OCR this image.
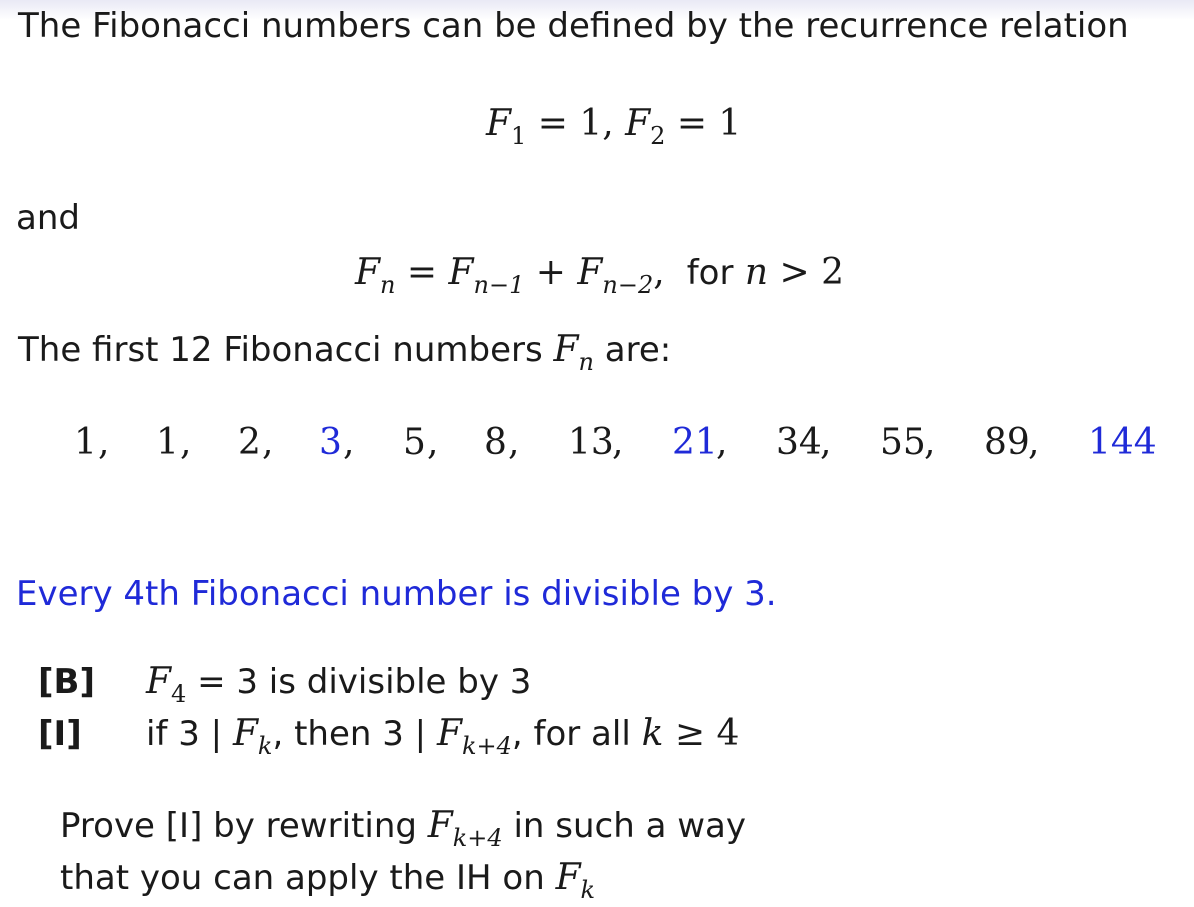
The Fibonacci numbers can be defined by the recurrence relation
$F_1 = 1$, $F_2 = 1$
and
$F_n = F_{n-1} + F_{n-2}$, for n > 2
The first 12 Fibonacci numbers $F_n$ are:
1 , 1 , 2 , 3 , 5 , 8 , 13
, 21
, 34
, 55
, 89
, 144
Every 4th Fibonacci number is divisible by 3.
[B] $F_4 = 3$ is divisible by 3
[I] if 3 | $F_k$, then 3 | $F_{k+4}$, for all k ≥ 4
Prove [I] by rewriting $F_{k+4}$ in such a way
that you can apply the IH on $F_k$
